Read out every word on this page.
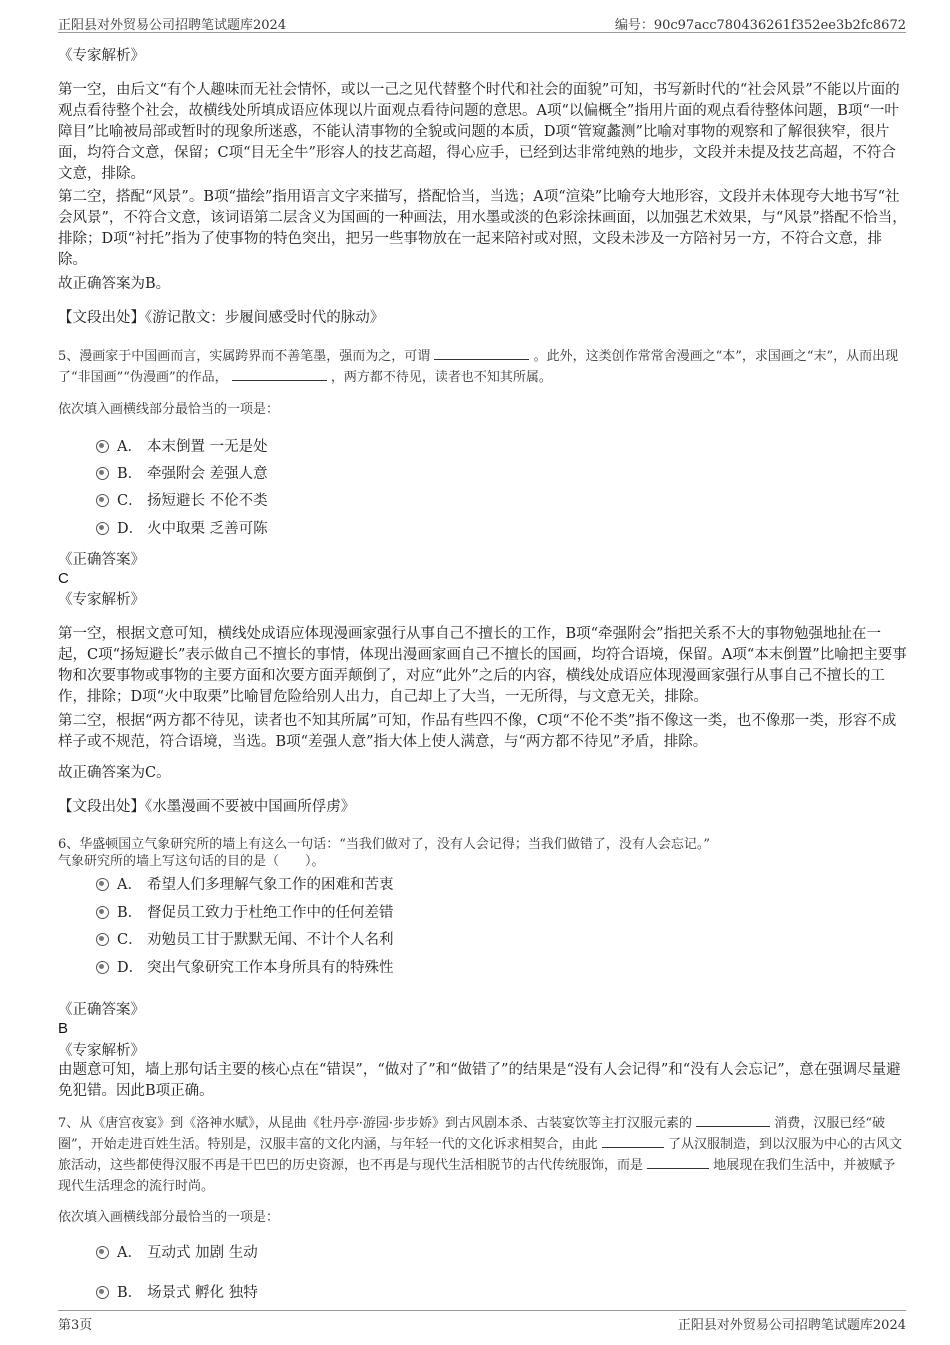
正阳县对外贸易公司招聘笔试题库2024	编号：90c97acc780436261f352ee3b2fc8672
《专家解析》

第一空，由后文“有个人趣味而无社会情怀，或以一己之见代替整个时代和社会的面貌”可知，书写新时代的“社会风景”不能以片面的观点看待整个社会，故横线处所填成语应体现以片面观点看待问题的意思。A项“以偏概全”指用片面的观点看待整体问题，B项“一叶障目”比喻被局部或暂时的现象所迷惑，不能认清事物的全貌或问题的本质，D项“管窥蠡测”比喻对事物的观察和了解很狭窄，很片面，均符合文意，保留；C项“目无全牛”形容人的技艺高超，得心应手，已经到达非常纯熟的地步，文段并未提及技艺高超，不符合文意，排除。

第二空，搭配“风景”。B项“描绘”指用语言文字来描写，搭配恰当，当选；A项“渲染”比喻夸大地形容，文段并未体现夸大地书写“社会风景”，不符合文意，该词语第二层含义为国画的一种画法，用水墨或淡的色彩涂抹画面，以加强艺术效果，与“风景”搭配不恰当，排除；D项“衬托”指为了使事物的特色突出，把另一些事物放在一起来陪衬或对照，文段未涉及一方陪衬另一方，不符合文意，排除。

故正确答案为B。

【文段出处】《游记散文：步履间感受时代的脉动》

5、漫画家于中国画而言，实属跨界而不善笔墨，强而为之，可谓	。此外，这类创作常常舍漫画之“本”，求国画之“末”，从而出现了“非国画”“伪漫画”的作品，	，两方都不待见，读者也不知其所属。

依次填入画横线部分最恰当的一项是：

A． 本末倒置 一无是处
B． 牵强附会 差强人意
C． 扬短避长 不伦不类
D． 火中取栗 乏善可陈
《正确答案》
C
《专家解析》

第一空，根据文意可知，横线处成语应体现漫画家强行从事自己不擅长的工作，B项“牵强附会”指把关系不大的事物勉强地扯在一起，C项“扬短避长”表示做自己不擅长的事情，体现出漫画家画自己不擅长的国画，均符合语境，保留。A项“本末倒置”比喻把主要事物和次要事物或事物的主要方面和次要方面弄颠倒了，对应“此外”之后的内容，横线处成语应体现漫画家强行从事自己不擅长的工作，排除；D项“火中取栗”比喻冒危险给别人出力，自己却上了大当，一无所得，与文意无关，排除。

第二空，根据“两方都不待见，读者也不知其所属”可知，作品有些四不像，C项“不伦不类”指不像这一类，也不像那一类，形容不成样子或不规范，符合语境，当选。B项“差强人意”指大体上使人满意，与“两方都不待见”矛盾，排除。

故正确答案为C。

【文段出处】《水墨漫画不要被中国画所俘虏》

6、华盛顿国立气象研究所的墙上有这么一句话：“当我们做对了，没有人会记得；当我们做错了，没有人会忘记。”

气象研究所的墙上写这句话的目的是（　　）。

A． 希望人们多理解气象工作的困难和苦衷
B． 督促员工致力于杜绝工作中的任何差错
C． 劝勉员工甘于默默无闻、不计个人名利
D． 突出气象研究工作本身所具有的特殊性
《正确答案》
B
《专家解析》

由题意可知，墙上那句话主要的核心点在“错误”，“做对了”和“做错了”的结果是“没有人会记得”和“没有人会忘记”，意在强调尽量避免犯错。因此B项正确。

7、从《唐宫夜宴》到《洛神水赋》，从昆曲《牡丹亭·游园·步步娇》到古风剧本杀、古装宴饮等主打汉服元素的	消费，汉服已经“破圈”，开始走进百姓生活。特别是，汉服丰富的文化内涵，与年轻一代的文化诉求相契合，由此	了从汉服制造，到以汉服为中心的古风文旅活动，这些都使得汉服不再是干巴巴的历史资源，也不再是与现代生活相脱节的古代传统服饰，而是	地展现在我们生活中，并被赋予现代生活理念的流行时尚。

依次填入画横线部分最恰当的一项是：

A． 互动式 加剧 生动
B． 场景式 孵化 独特
第3页	正阳县对外贸易公司招聘笔试题库2024
